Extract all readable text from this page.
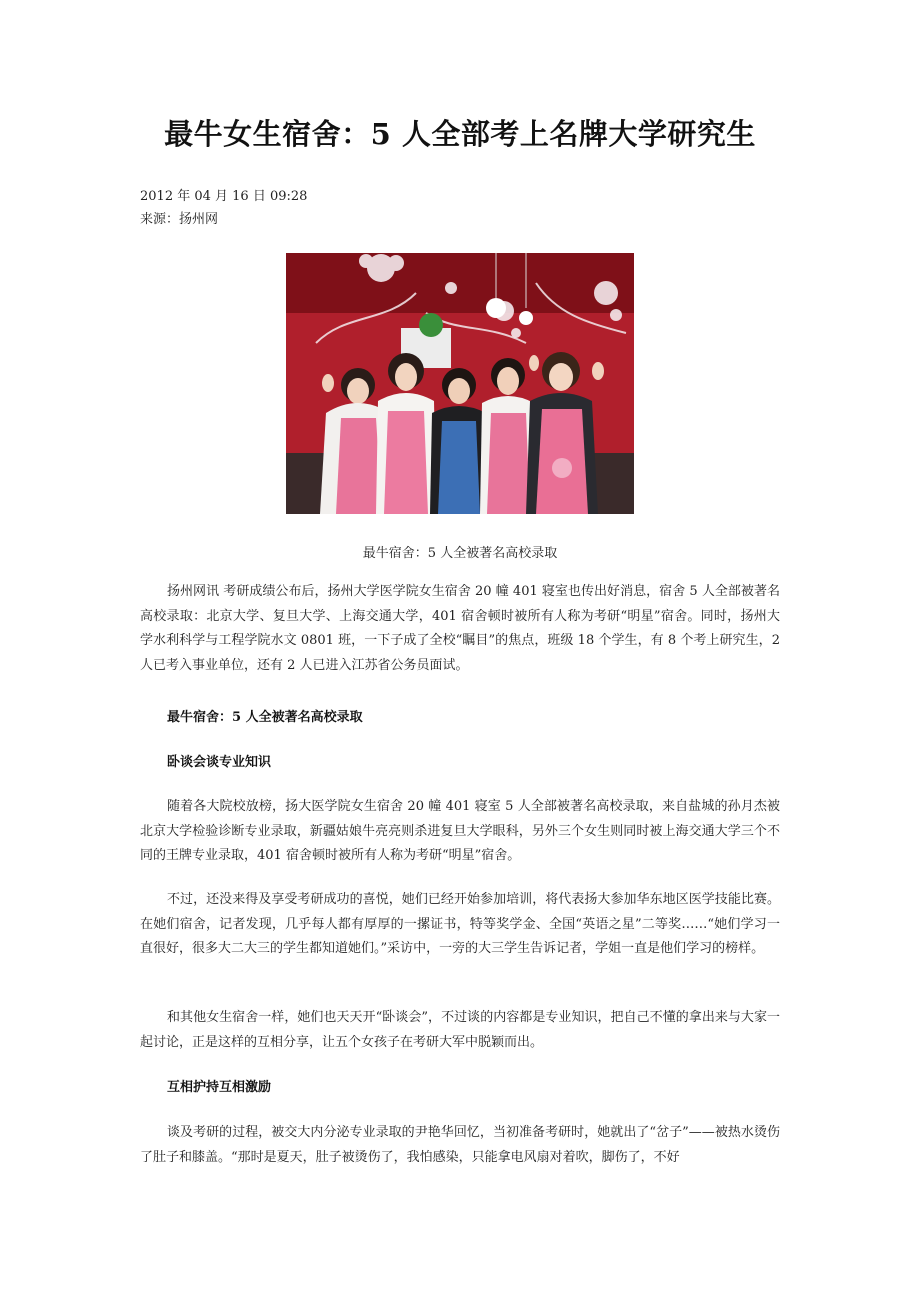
最牛女生宿舍：5 人全部考上名牌大学研究生
2012 年 04 月 16 日 09:28
来源：扬州网
最牛宿舍：5 人全被著名高校录取

扬州网讯 考研成绩公布后，扬州大学医学院女生宿舍 20 幢 401 寝室也传出好消息，宿舍 5 人全部被著名高校录取：北京大学、复旦大学、上海交通大学，401 宿舍顿时被所有人称为考研“明星”宿舍。同时，扬州大学水利科学与工程学院水文 0801 班，一下子成了全校“瞩目”的焦点，班级 18 个学生，有 8 个考上研究生，2 人已考入事业单位，还有 2 人已进入江苏省公务员面试。

最牛宿舍：5 人全被著名高校录取
卧谈会谈专业知识

随着各大院校放榜，扬大医学院女生宿舍 20 幢 401 寝室 5 人全部被著名高校录取，来自盐城的孙月杰被北京大学检验诊断专业录取，新疆姑娘牛亮亮则杀进复旦大学眼科，另外三个女生则同时被上海交通大学三个不同的王牌专业录取，401 宿舍顿时被所有人称为考研“明星”宿舍。

不过，还没来得及享受考研成功的喜悦，她们已经开始参加培训，将代表扬大参加华东地区医学技能比赛。在她们宿舍，记者发现，几乎每人都有厚厚的一摞证书，特等奖学金、全国“英语之星”二等奖……“她们学习一直很好，很多大二大三的学生都知道她们。”采访中，一旁的大三学生告诉记者，学姐一直是他们学习的榜样。

和其他女生宿舍一样，她们也天天开“卧谈会”，不过谈的内容都是专业知识，把自己不懂的拿出来与大家一起讨论，正是这样的互相分享，让五个女孩子在考研大军中脱颖而出。

互相护持互相激励

谈及考研的过程，被交大内分泌专业录取的尹艳华回忆，当初准备考研时，她就出了“岔子”——被热水烫伤了肚子和膝盖。“那时是夏天，肚子被烫伤了，我怕感染，只能拿电风扇对着吹，脚伤了，不好
